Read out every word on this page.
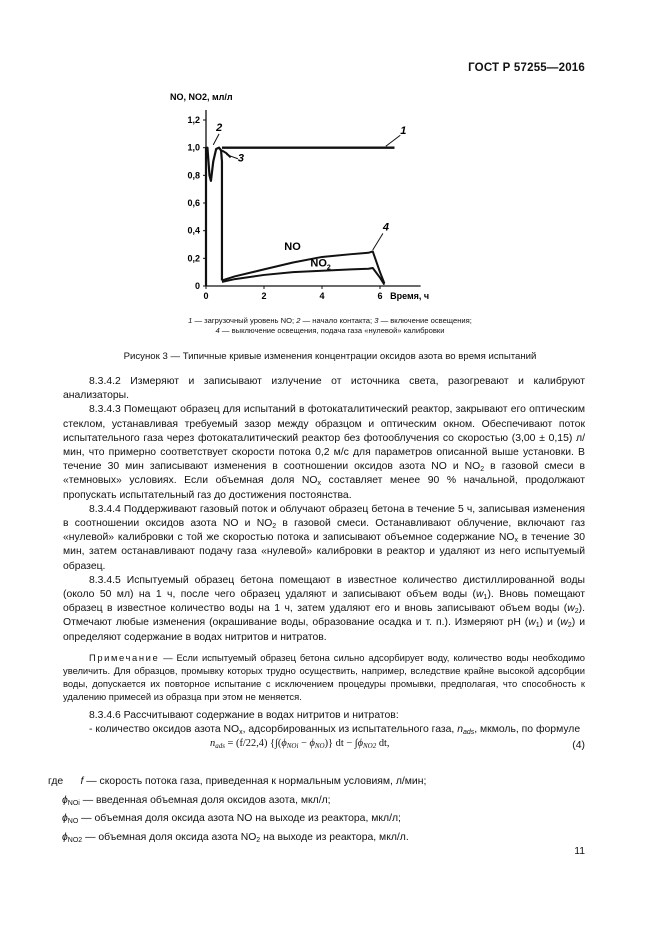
ГОСТ Р 57255—2016
0
0,2
0,4
0,6
0,8
1,0
1,2
0	2	4	6
NO, NO2, мл/л
Время, ч
2
3
1
4
NO
$NO_2$
1 — загрузочный уровень NO; 2 — начало контакта; 3 — включение освещения;
4 — выключение освещения, подача газа «нулевой» калибровки
Рисунок 3 — Типичные кривые изменения концентрации оксидов азота во время испытаний

8.3.4.2 Измеряют и записывают излучение от источника света, разогревают и калибруют анализаторы.

8.3.4.3 Помещают образец для испытаний в фотокаталитический реактор, закрывают его оптическим стеклом, устанавливая требуемый зазор между образцом и оптическим окном. Обеспечивают поток испытательного газа через фотокаталитический реактор без фотооблучения со скоростью (3,00 ± 0,15) л/мин, что примерно соответствует скорости потока 0,2 м/с для параметров описанной выше установки. В течение 30 мин записывают изменения в соотношении оксидов азота NO и $NO_2$ в газовой смеси в «темновых» условиях. Если объемная доля $NO_x$ составляет менее 90 % начальной, продолжают пропускать испытательный газ до достижения постоянства.

8.3.4.4 Поддерживают газовый поток и облучают образец бетона в течение 5 ч, записывая изменения в соотношении оксидов азота NO и $NO_2$ в газовой смеси. Останавливают облучение, включают газ «нулевой» калибровки с той же скоростью потока и записывают объемное содержание $NO_x$ в течение 30 мин, затем останавливают подачу газа «нулевой» калибровки в реактор и удаляют из него испытуемый образец.

8.3.4.5 Испытуемый образец бетона помещают в известное количество дистиллированной воды (около 50 мл) на 1 ч, после чего образец удаляют и записывают объем воды $(w_1)$. Вновь помещают образец в известное количество воды на 1 ч, затем удаляют его и вновь записывают объем воды $(w_2)$. Отмечают любые изменения (окрашивание воды, образование осадка и т. п.). Измеряют pH $(w_1)$ и $(w_2)$ и определяют содержание в водах нитритов и нитратов.

Примечание — Если испытуемый образец бетона сильно адсорбирует воду, количество воды необходимо увеличить. Для образцов, промывку которых трудно осуществить, например, вследствие крайне высокой адсорбции воды, допускается их повторное испытание с исключением процедуры промывки, предполагая, что способность к удалению примесей из образца при этом не меняется.

8.3.4.6 Рассчитывают содержание в водах нитритов и нитратов:

- количество оксидов азота $NO_x$, адсорбированных из испытательного газа, $n_{ads}$, мкмоль, по формуле

$n_{ads} = (f/22,4) \{\int(\phi_{NOi} - \phi_{NO})\}$ dt − $\int\phi_{NO2}$ dt,	(4)
где f — скорость потока газа, приведенная к нормальным условиям, л/мин;
$\phi_{NOi}$ — введенная объемная доля оксидов азота, мкл/л;
$\phi_{NO}$ — объемная доля оксида азота NO на выходе из реактора, мкл/л;
$\phi_{NO2}$ — объемная доля оксида азота $NO_2$ на выходе из реактора, мкл/л.
11
